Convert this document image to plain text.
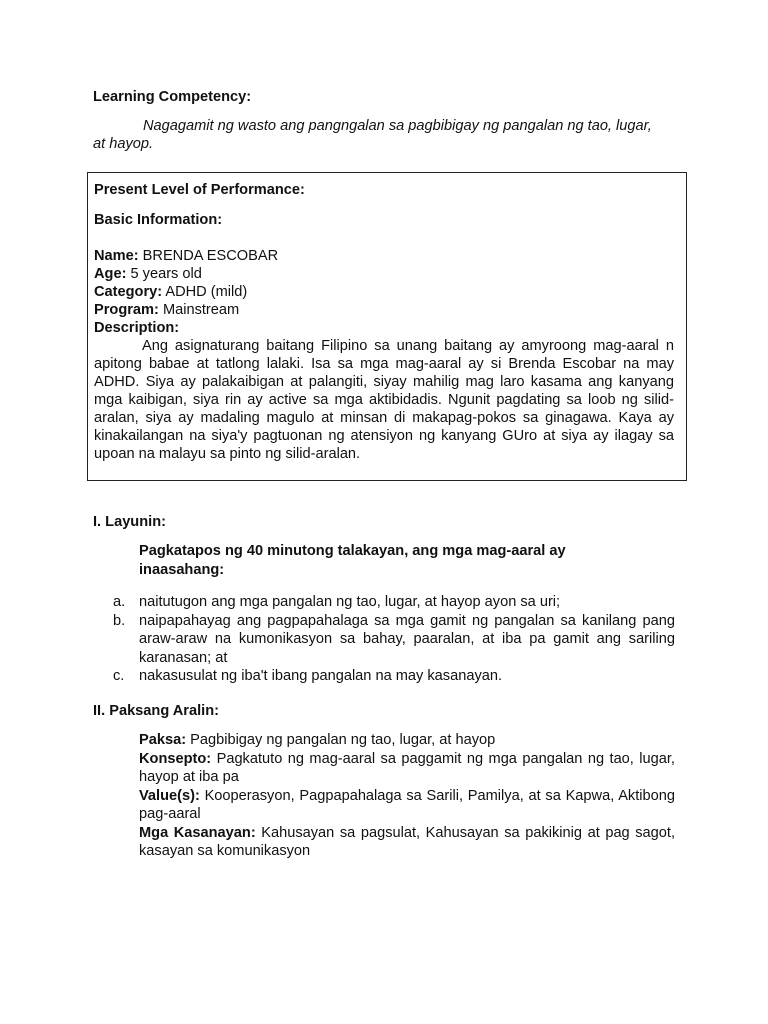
Learning Competency:
Nagagamit ng wasto ang pangngalan sa pagbibigay ng pangalan ng tao, lugar, at hayop.
Present Level of Performance:
Basic Information:
Name: BRENDA ESCOBAR
Age: 5 years old
Category: ADHD (mild)
Program: Mainstream
Description:
Ang asignaturang baitang Filipino sa unang baitang ay amyroong mag-aaral n apitong babae at tatlong lalaki. Isa sa mga mag-aaral ay si Brenda Escobar na may ADHD. Siya ay palakaibigan at palangiti, siyay mahilig mag laro kasama ang kanyang mga kaibigan, siya rin ay active sa mga aktibidadis. Ngunit pagdating sa loob ng silid-aralan, siya ay madaling magulo at minsan di makapag-pokos sa ginagawa. Kaya ay kinakailangan na siya'y pagtuonan ng atensiyon ng kanyang GUro at siya ay ilagay sa upoan na malayu sa pinto ng silid-aralan.
I. Layunin:
Pagkatapos ng 40 minutong talakayan, ang mga mag-aaral ay inaasahang:
a. naitutugon ang mga pangalan ng tao, lugar, at hayop ayon sa uri;
b. naipapahayag ang pagpapahalaga sa mga gamit ng pangalan sa kanilang pang araw-araw na kumonikasyon sa bahay, paaralan, at iba pa gamit ang sariling karanasan; at
c. nakasusulat ng iba't ibang pangalan na may kasanayan.
II. Paksang Aralin:

Paksa: Pagbibigay ng pangalan ng tao, lugar, at hayop

Konsepto: Pagkatuto ng mag-aaral sa paggamit ng mga pangalan ng tao, lugar, hayop at iba pa

Value(s): Kooperasyon, Pagpapahalaga sa Sarili, Pamilya, at sa Kapwa, Aktibong pag-aaral

Mga Kasanayan: Kahusayan sa pagsulat, Kahusayan sa pakikinig at pag sagot, kasayan sa komunikasyon
